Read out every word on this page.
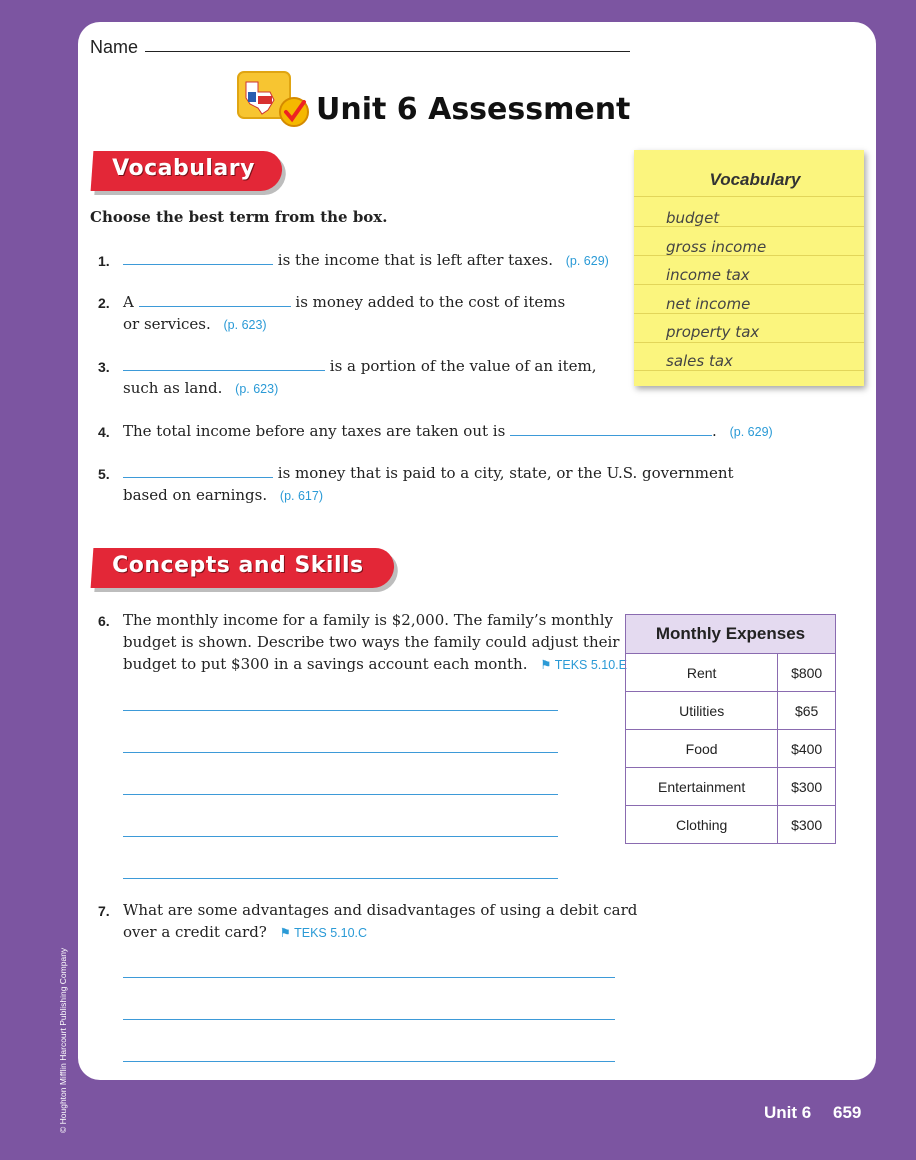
Name
Unit 6 Assessment
Vocabulary
Choose the best term from the box.
Vocabulary
budget
gross income
income tax
net income
property tax
sales tax
1.	is the income that is left after taxes. (p. 629)
2. A	is money added to the cost of items
or services. (p. 623)
3.	is a portion of the value of an item,
such as land. (p. 623)
4. The total income before any taxes are taken out is	. (p. 629)
5.	is money that is paid to a city, state, or the U.S. government
based on earnings. (p. 617)
Concepts and Skills
6. The monthly income for a family is $2,000. The family’s monthly
budget is shown. Describe two ways the family could adjust their
budget to put $300 in a savings account each month. ⚑ TEKS 5.10.E
Monthly Expenses	
Rent	$800
Utilities	$65
Food	$400
Entertainment	$300
Clothing	$300
7. What are some advantages and disadvantages of using a debit card
over a credit card? ⚑ TEKS 5.10.C
Unit 6 659
© Houghton Mifflin Harcourt Publishing Company
